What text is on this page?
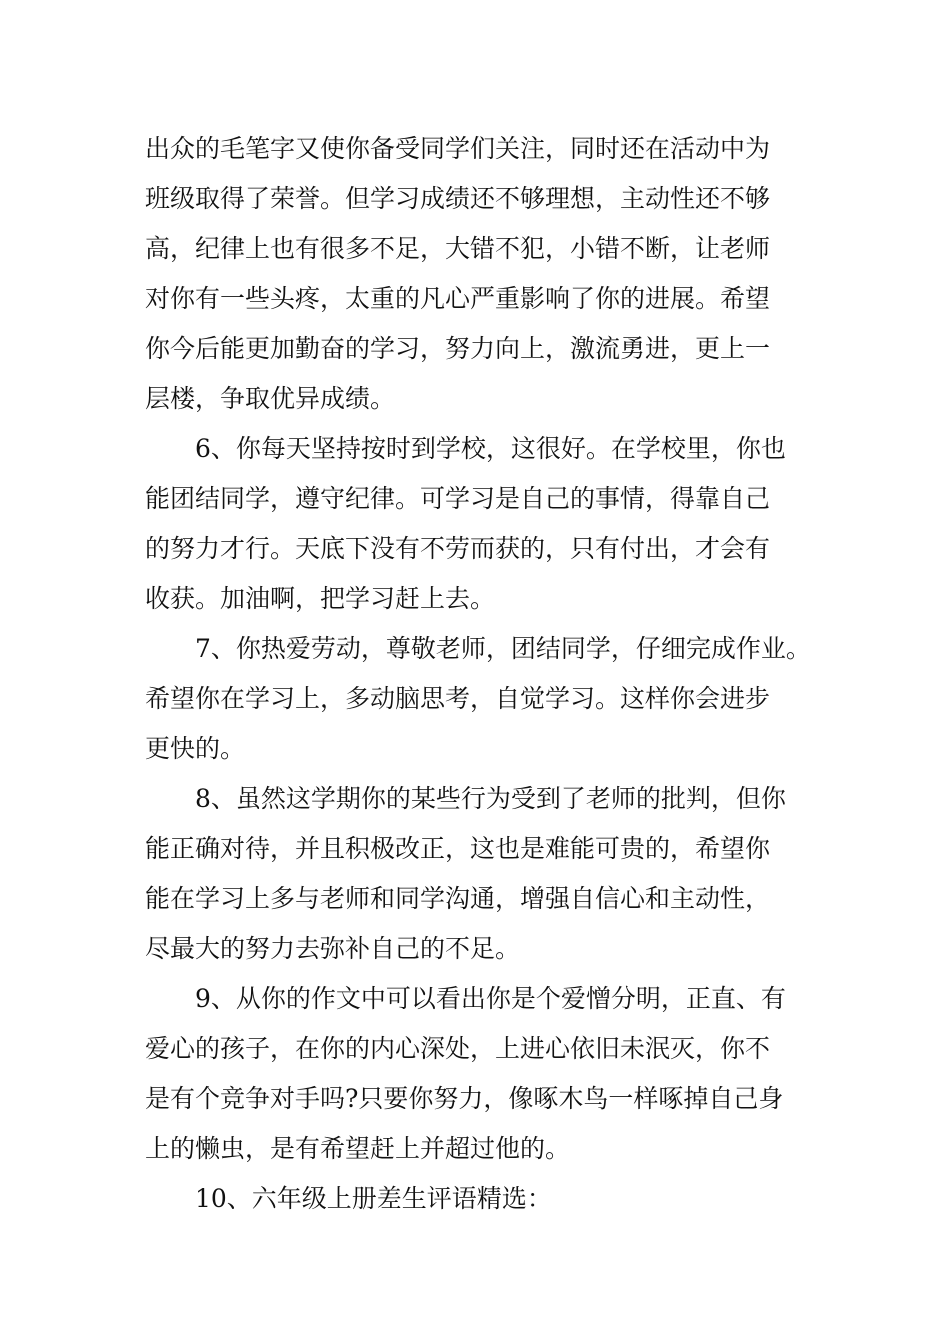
出众的毛笔字又使你备受同学们关注，同时还在活动中为
班级取得了荣誉。但学习成绩还不够理想，主动性还不够
高，纪律上也有很多不足，大错不犯，小错不断，让老师
对你有一些头疼，太重的凡心严重影响了你的进展。希望
你今后能更加勤奋的学习，努力向上，激流勇进，更上一
层楼，争取优异成绩。
6、你每天坚持按时到学校，这很好。在学校里，你也
能团结同学，遵守纪律。可学习是自己的事情，得靠自己
的努力才行。天底下没有不劳而获的，只有付出，才会有
收获。加油啊，把学习赶上去。
7、你热爱劳动，尊敬老师，团结同学，仔细完成作业。
希望你在学习上，多动脑思考，自觉学习。这样你会进步
更快的。
8、虽然这学期你的某些行为受到了老师的批判，但你
能正确对待，并且积极改正，这也是难能可贵的，希望你
能在学习上多与老师和同学沟通，增强自信心和主动性，
尽最大的努力去弥补自己的不足。
9、从你的作文中可以看出你是个爱憎分明，正直、有
爱心的孩子，在你的内心深处，上进心依旧未泯灭，你不
是有个竞争对手吗?只要你努力，像啄木鸟一样啄掉自己身
上的懒虫，是有希望赶上并超过他的。
10、六年级上册差生评语精选：
